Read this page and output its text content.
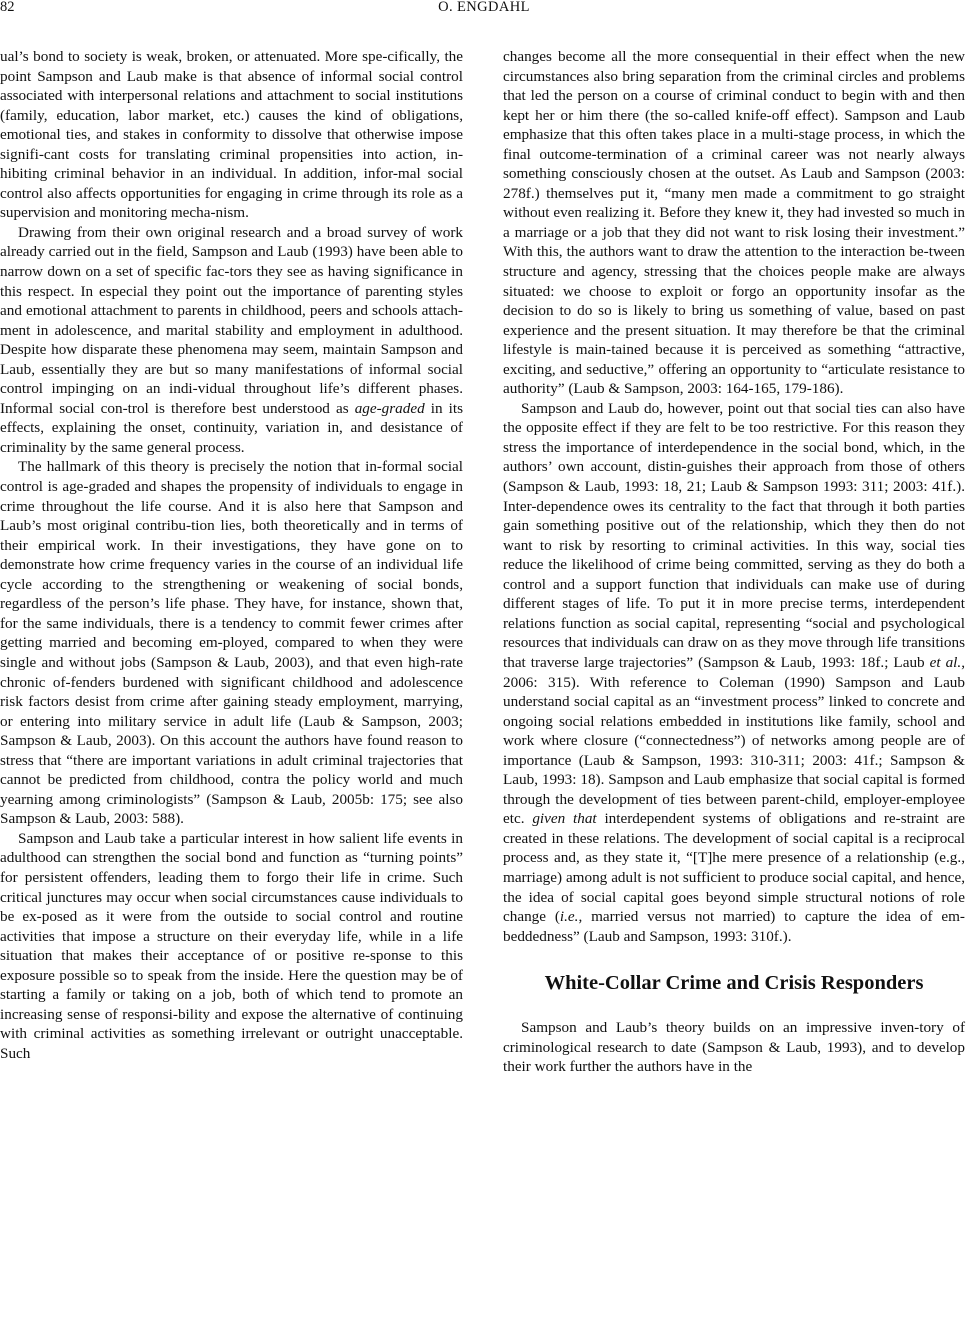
82	O. ENGDAHL

ual’s bond to society is weak, broken, or attenuated. More spe-cifically, the point Sampson and Laub make is that absence of informal social control associated with interpersonal relations and attachment to social institutions (family, education, labor market, etc.) causes the kind of obligations, emotional ties, and stakes in conformity to dissolve that otherwise impose signifi-cant costs for translating criminal propensities into action, in-hibiting criminal behavior in an individual. In addition, infor-mal social control also affects opportunities for engaging in crime through its role as a supervision and monitoring mecha-nism.

Drawing from their own original research and a broad survey of work already carried out in the field, Sampson and Laub (1993) have been able to narrow down on a set of specific fac-tors they see as having significance in this respect. In especial they point out the importance of parenting styles and emotional attachment to parents in childhood, peers and schools attach-ment in adolescence, and marital stability and employment in adulthood. Despite how disparate these phenomena may seem, maintain Sampson and Laub, essentially they are but so many manifestations of informal social control impinging on an indi-vidual throughout life’s different phases. Informal social con-trol is therefore best understood as age-graded in its effects, explaining the onset, continuity, variation in, and desistance of criminality by the same general process.

The hallmark of this theory is precisely the notion that in-formal social control is age-graded and shapes the propensity of individuals to engage in crime throughout the life course. And it is also here that Sampson and Laub’s most original contribu-tion lies, both theoretically and in terms of their empirical work. In their investigations, they have gone on to demonstrate how crime frequency varies in the course of an individual life cycle according to the strengthening or weakening of social bonds, regardless of the person’s life phase. They have, for instance, shown that, for the same individuals, there is a tendency to commit fewer crimes after getting married and becoming em-ployed, compared to when they were single and without jobs (Sampson & Laub, 2003), and that even high-rate chronic of-fenders burdened with significant childhood and adolescence risk factors desist from crime after gaining steady employment, marrying, or entering into military service in adult life (Laub & Sampson, 2003; Sampson & Laub, 2003). On this account the authors have found reason to stress that “there are important variations in adult criminal trajectories that cannot be predicted from childhood, contra the policy world and much yearning among criminologists” (Sampson & Laub, 2005b: 175; see also Sampson & Laub, 2003: 588).

Sampson and Laub take a particular interest in how salient life events in adulthood can strengthen the social bond and function as “turning points” for persistent offenders, leading them to forgo their life in crime. Such critical junctures may occur when social circumstances cause individuals to be ex-posed as it were from the outside to social control and routine activities that impose a structure on their everyday life, while in a life situation that makes their acceptance of or positive re-sponse to this exposure possible so to speak from the inside. Here the question may be of starting a family or taking on a job, both of which tend to promote an increasing sense of responsi-bility and expose the alternative of continuing with criminal activities as something irrelevant or outright unacceptable. Such

changes become all the more consequential in their effect when the new circumstances also bring separation from the criminal circles and problems that led the person on a course of criminal conduct to begin with and then kept her or him there (the so-called knife-off effect). Sampson and Laub emphasize that this often takes place in a multi-stage process, in which the final outcome-termination of a criminal career was not nearly always something consciously chosen at the outset. As Laub and Sampson (2003: 278f.) themselves put it, “many men made a commitment to go straight without even realizing it. Before they knew it, they had invested so much in a marriage or a job that they did not want to risk losing their investment.” With this, the authors want to draw the attention to the interaction be-tween structure and agency, stressing that the choices people make are always situated: we choose to exploit or forgo an opportunity insofar as the decision to do so is likely to bring us something of value, based on past experience and the present situation. It may therefore be that the criminal lifestyle is main-tained because it is perceived as something “attractive, exciting, and seductive,” offering an opportunity to “articulate resistance to authority” (Laub & Sampson, 2003: 164-165, 179-186).

Sampson and Laub do, however, point out that social ties can also have the opposite effect if they are felt to be too restrictive. For this reason they stress the importance of interdependence in the social bond, which, in the authors’ own account, distin-guishes their approach from those of others (Sampson & Laub, 1993: 18, 21; Laub & Sampson 1993: 311; 2003: 41f.). Inter-dependence owes its centrality to the fact that through it both parties gain something positive out of the relationship, which they then do not want to risk by resorting to criminal activities. In this way, social ties reduce the likelihood of crime being committed, serving as they do both a control and a support function that individuals can make use of during different stages of life. To put it in more precise terms, interdependent relations function as social capital, representing “social and psychological resources that individuals can draw on as they move through life transitions that traverse large trajectories” (Sampson & Laub, 1993: 18f.; Laub et al., 2006: 315). With reference to Coleman (1990) Sampson and Laub understand social capital as an “investment process” linked to concrete and ongoing social relations embedded in institutions like family, school and work where closure (“connectedness”) of networks among people are of importance (Laub & Sampson, 1993: 310-311; 2003: 41f.; Sampson & Laub, 1993: 18). Sampson and Laub emphasize that social capital is formed through the development of ties between parent-child, employer-employee etc. given that interdependent systems of obligations and re-straint are created in these relations. The development of social capital is a reciprocal process and, as they state it, “[T]he mere presence of a relationship (e.g., marriage) among adult is not sufficient to produce social capital, and hence, the idea of social capital goes beyond simple structural notions of role change (i.e., married versus not married) to capture the idea of em-beddedness” (Laub and Sampson, 1993: 310f.).

White-Collar Crime and Crisis Responders

Sampson and Laub’s theory builds on an impressive inven-tory of criminological research to date (Sampson & Laub, 1993), and to develop their work further the authors have in the
